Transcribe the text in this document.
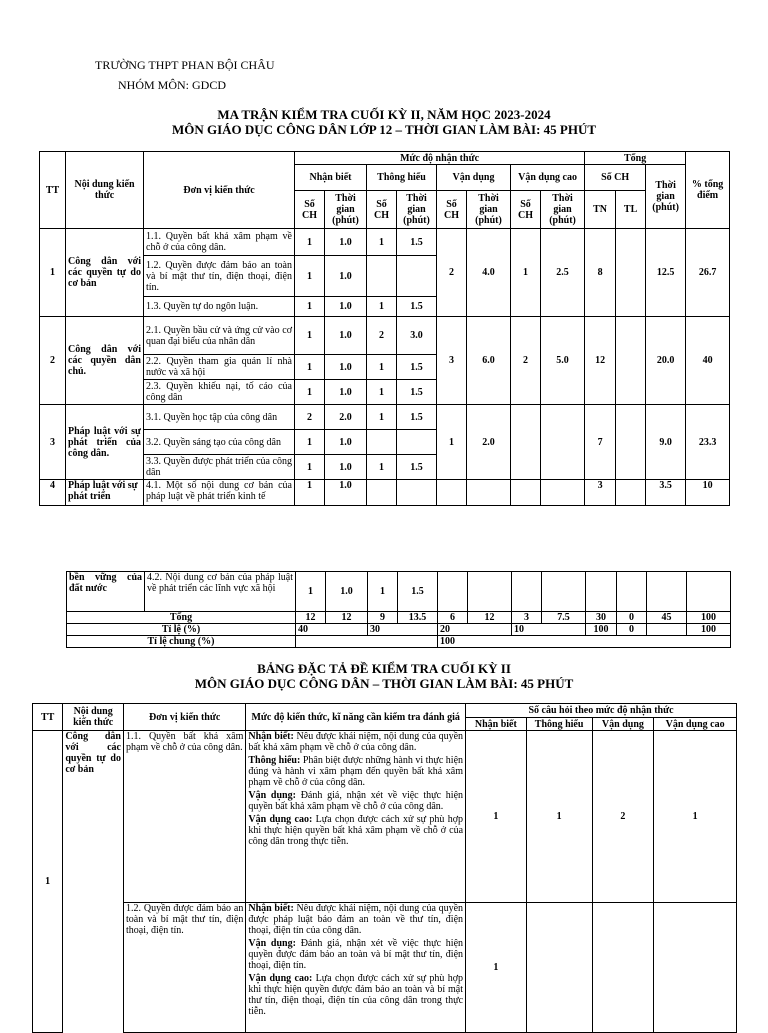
TRƯỜNG THPT PHAN BỘI CHÂU
NHÓM MÔN: GDCD
MA TRẬN KIỂM TRA CUỐI KỲ II, NĂM HỌC 2023-2024
MÔN GIÁO DỤC CÔNG DÂN LỚP 12 – THỜI GIAN LÀM BÀI: 45 PHÚT
TT	Nội dung kiến thức	Đơn vị kiến thức	Mức độ nhận thức								Tổng			% tổng điểm
			Nhận biết		Thông hiểu		Vận dụng		Vận dụng cao		Số CH		Thời gian (phút)	
			Số CH	Thời gian (phút)	Số CH	Thời gian (phút)	Số CH	Thời gian (phút)	Số CH	Thời gian (phút)	TN	TL		
1	Công dân với các quyền tự do cơ bản	1.1. Quyền bất khả xâm phạm về chỗ ở của công dân.	1	1.0	1	1.5	2	4.0	1	2.5	8		12.5	26.7
		1.2. Quyền được đảm bảo an toàn và bí mật thư tín, điện thoại, điện tín.	1	1.0										
		1.3. Quyền tự do ngôn luận.	1	1.0	1	1.5								
2	Công dân với các quyền dân chủ.	2.1. Quyền bầu cử và ứng cử vào cơ quan đại biểu của nhân dân	1	1.0	2	3.0	3	6.0	2	5.0	12		20.0	40
		2.2. Quyền tham gia quản lí nhà nước và xã hội	1	1.0	1	1.5								
		2.3. Quyền khiếu nại, tố cáo của công dân	1	1.0	1	1.5								
3	Pháp luật với sự phát triển của công dân.	3.1. Quyền học tập của công dân	2	2.0	1	1.5	1	2.0			7		9.0	23.3
		3.2. Quyền sáng tạo của công dân	1	1.0										
		3.3. Quyền được phát triển của công dân	1	1.0	1	1.5								
4	Pháp luật với sự phát triển	4.1. Một số nội dung cơ bản của pháp luật về phát triển kinh tế	1	1.0							3		3.5	10
bền vững của đất nước	4.2. Nội dung cơ bản của pháp luật về phát triển các lĩnh vực xã hội	1	1.0	1	1.5								
Tổng		12	12	9	13.5	6	12	3	7.5	30	0	45	100
Tỉ lệ (%)		40		30		20		10		100	0		100
Tỉ lệ chung (%)						100							
BẢNG ĐẶC TẢ ĐỀ KIỂM TRA CUỐI KỲ II
MÔN GIÁO DỤC CÔNG DÂN – THỜI GIAN LÀM BÀI: 45 PHÚT
TT	Nội dung kiến thức	Đơn vị kiến thức	Mức độ kiến thức, kĩ năng cần kiểm tra đánh giá	Số câu hỏi theo mức độ nhận thức			
				Nhận biết	Thông hiểu	Vận dụng	Vận dụng cao
1	Công dân với các quyền tự do cơ bản	1.1. Quyền bất khả xâm phạm về chỗ ở của công dân.	Nhận biết: Nêu được khái niệm, nội dung của quyền bất khả xâm phạm về chỗ ở của công dân.

Thông hiểu: Phân biệt được những hành vi thực hiện đúng và hành vi xâm phạm đến quyền bất khả xâm phạm về chỗ ở của công dân.

Vận dụng: Đánh giá, nhận xét về việc thực hiện quyền bất khả xâm phạm về chỗ ở của công dân.

Vận dụng cao: Lựa chọn được cách xử sự phù hợp khi thực hiện quyền bất khả xâm phạm về chỗ ở của công dân trong thực tiễn.	1	1	2	1
		1.2. Quyền được đảm bảo an toàn và bí mật thư tín, điện thoại, điện tín.	Nhận biết: Nêu được khái niệm, nội dung của quyền được pháp luật bảo đảm an toàn về thư tín, điện thoại, điện tín của công dân.

Vận dụng: Đánh giá, nhận xét về việc thực hiện quyền được đảm bảo an toàn và bí mật thư tín, điện thoại, điện tín.

Vận dụng cao: Lựa chọn được cách xử sự phù hợp khi thực hiện quyền được đảm bảo an toàn và bí mật thư tín, điện thoại, điện tín của công dân trong thực tiễn.	1			
